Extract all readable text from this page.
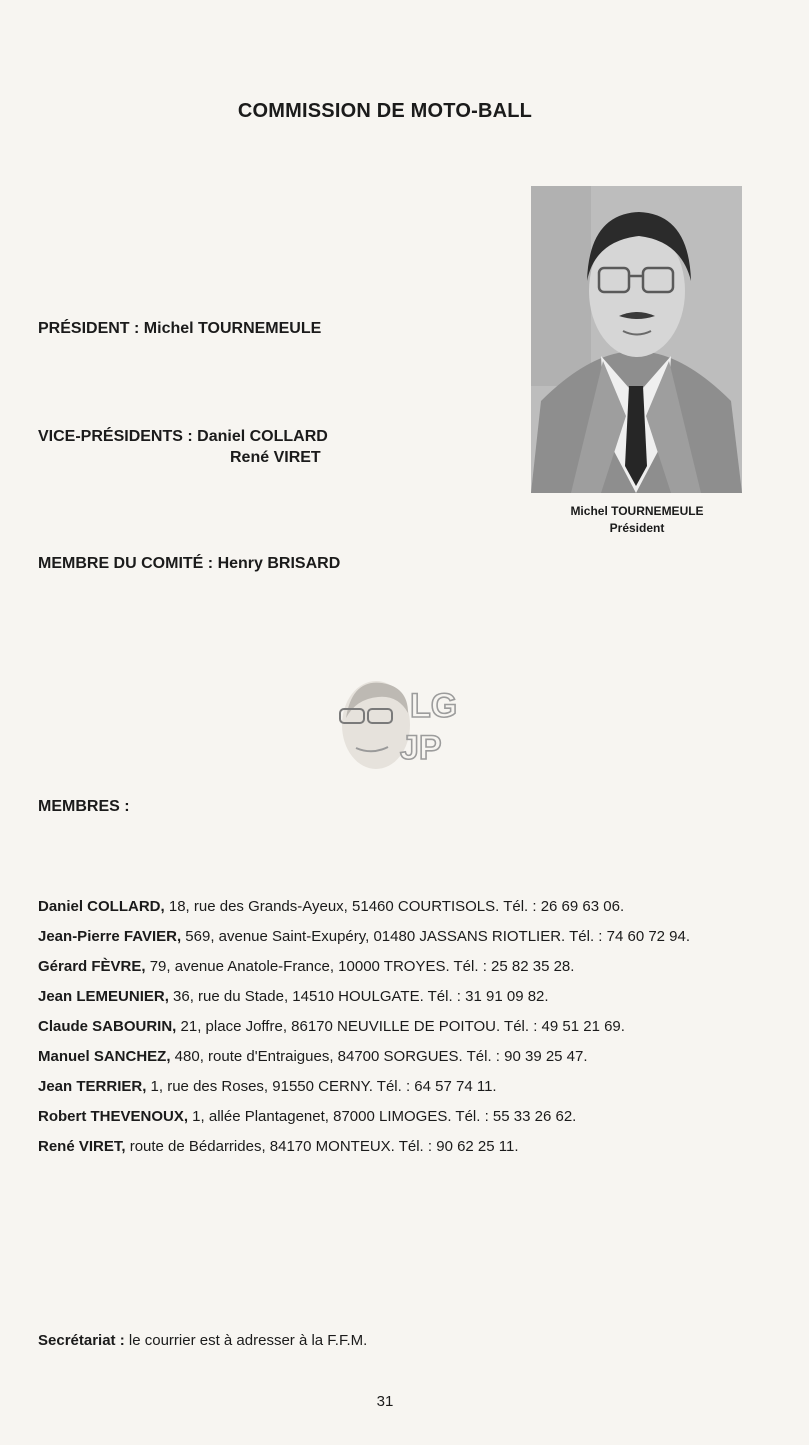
COMMISSION DE MOTO-BALL
PRÉSIDENT : Michel TOURNEMEULE
VICE-PRÉSIDENTS : Daniel COLLARD
René VIRET
MEMBRE DU COMITÉ : Henry BRISARD
Michel TOURNEMEULE
Président
LG
JP
MEMBRES :
Daniel COLLARD, 18, rue des Grands-Ayeux, 51460 COURTISOLS. Tél. : 26 69 63 06.
Jean-Pierre FAVIER, 569, avenue Saint-Exupéry, 01480 JASSANS RIOTLIER. Tél. : 74 60 72 94.
Gérard FÈVRE, 79, avenue Anatole-France, 10000 TROYES. Tél. : 25 82 35 28.
Jean LEMEUNIER, 36, rue du Stade, 14510 HOULGATE. Tél. : 31 91 09 82.
Claude SABOURIN, 21, place Joffre, 86170 NEUVILLE DE POITOU. Tél. : 49 51 21 69.
Manuel SANCHEZ, 480, route d'Entraigues, 84700 SORGUES. Tél. : 90 39 25 47.
Jean TERRIER, 1, rue des Roses, 91550 CERNY. Tél. : 64 57 74 11.
Robert THEVENOUX, 1, allée Plantagenet, 87000 LIMOGES. Tél. : 55 33 26 62.
René VIRET, route de Bédarrides, 84170 MONTEUX. Tél. : 90 62 25 11.
Secrétariat : le courrier est à adresser à la F.F.M.
31
